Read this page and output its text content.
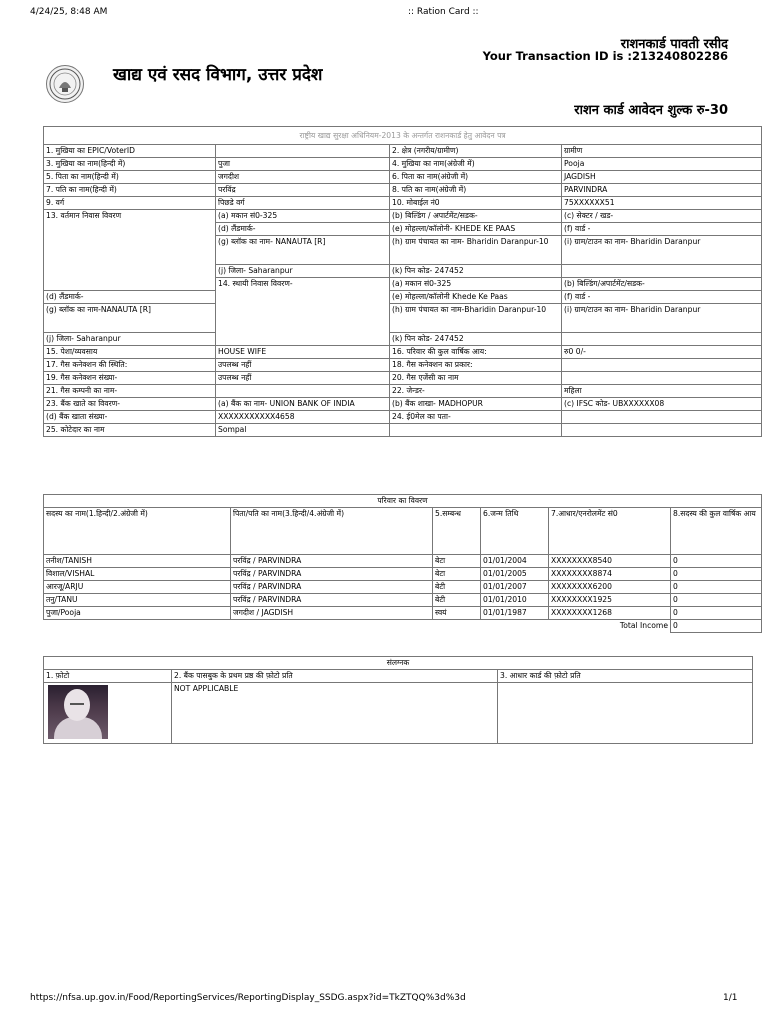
4/24/25, 8:48 AM	:: Ration Card ::
खाद्य एवं रसद विभाग, उत्तर प्रदेश
राशनकार्ड पावती रसीद
Your Transaction ID is :213240802286
राशन कार्ड आवेदन शुल्क रु-30
राष्ट्रीय खाद्य सुरक्षा अधिनियम-2013 के अन्तर्गत राशनकार्ड हेतु आवेदन पत्र				
1. मुखिया का EPIC/VoterID		2. क्षेत्र (नगरीय/ग्रामीण)	ग्रामीण	
3. मुखिया का नाम(हिन्दी में)	पुजा	4. मुखिया का नाम(अंग्रेजी में)	Pooja	
5. पिता का नाम(हिन्दी में)	जगदीश	6. पिता का नाम(अंग्रेजी में)	JAGDISH	
7. पति का नाम(हिन्दी में)	परविंद्र	8. पति का नाम(अंग्रेजी में)	PARVINDRA	
9. वर्ग	पिछडे वर्ग	10. मोबाईल नं0	75XXXXXX51	
13. वर्तमान निवास विवरण	(a) मकान सं0-325	(b) बिल्डिंग / अपार्टमेंट/सडक-	(c) सेक्टर / खड-	
	(d) लैंडमार्क-	(e) मोहल्ला/कॉलोनी- KHEDE KE PAAS	(f) वार्ड -	
	(g) ब्लॉक का नाम- NANAUTA [R]	(h) ग्राम पंचायत का नाम- Bharidin Daranpur-10	(i) ग्राम/टाउन का नाम- Bharidin Daranpur	
	(j) जिला- Saharanpur	(k) पिन कोड- 247452		
	14. स्थायी निवास विवरण-	(a) मकान सं0-325	(b) बिल्डिंग/अपार्टमेंट/सडक-	
(d) लैंडमार्क-		(e) मोहल्ला/कॉलोनी Khede Ke Paas	(f) वार्ड -	
(g) ब्लॉक का नाम-NANAUTA [R]		(h) ग्राम पंचायत का नाम-Bharidin Daranpur-10	(i) ग्राम/टाउन का नाम- Bharidin Daranpur	
(j) जिला- Saharanpur		(k) पिन कोड- 247452		
15. पेशा/व्यवसाय	HOUSE WIFE	16. परिवार की कुल वार्षिक आय:	रु0 0/-	
17. गैस कनेक्शन की स्थिति:	उपलब्ध नहीं	18. गैस कनेक्शन का प्रकार:		
19. गैस कनेक्शन संख्या-	उपलब्ध नहीं	20. गैस एजेंसी का नाम		
21. गैस कम्पनी का नाम-		22. जेन्डर-	महिला	
23. बैंक खाते का विवरण-	(a) बैंक का नाम- UNION BANK OF INDIA	(b) बैंक शाखा- MADHOPUR	(c) IFSC कोड- UBXXXXXX08	
(d) बैंक खाता संख्या-	XXXXXXXXXXX4658	24. ई0मेल का पता-		
25. कोटेदार का नाम	Sompal			
परिवार का विवरण					
सदस्य का नाम(1.हिन्दी/2.अंग्रेजी में)	पिता/पति का नाम(3.हिन्दी/4.अंग्रेजी में)	5.सम्बन्ध	6.जन्म तिथि	7.आधार/एनरोलमेंट सं0	8.सदस्य की कुल वार्षिक आय
तनीश/TANISH	परविंद्र / PARVINDRA	बेटा	01/01/2004	XXXXXXXX8540	0
विशाल/VISHAL	परविंद्र / PARVINDRA	बेटा	01/01/2005	XXXXXXXX8874	0
आरजू/ARJU	परविंद्र / PARVINDRA	बेटी	01/01/2007	XXXXXXXX6200	0
तनु/TANU	परविंद्र / PARVINDRA	बेटी	01/01/2010	XXXXXXXX1925	0
पुजा/Pooja	जगदीश / JAGDISH	स्वयं	01/01/1987	XXXXXXXX1268	0
Total Income					0
संलग्नक		
1. फ़ोटो	2. बैंक पासबुक के प्रथम प्रष्ठ की फ़ोटो प्रति	3. आधार कार्ड की फ़ोटो प्रति

	NOT APPLICABLE	
https://nfsa.up.gov.in/Food/ReportingServices/ReportingDisplay_SSDG.aspx?id=TkZTQQ%3d%3d	1/1
